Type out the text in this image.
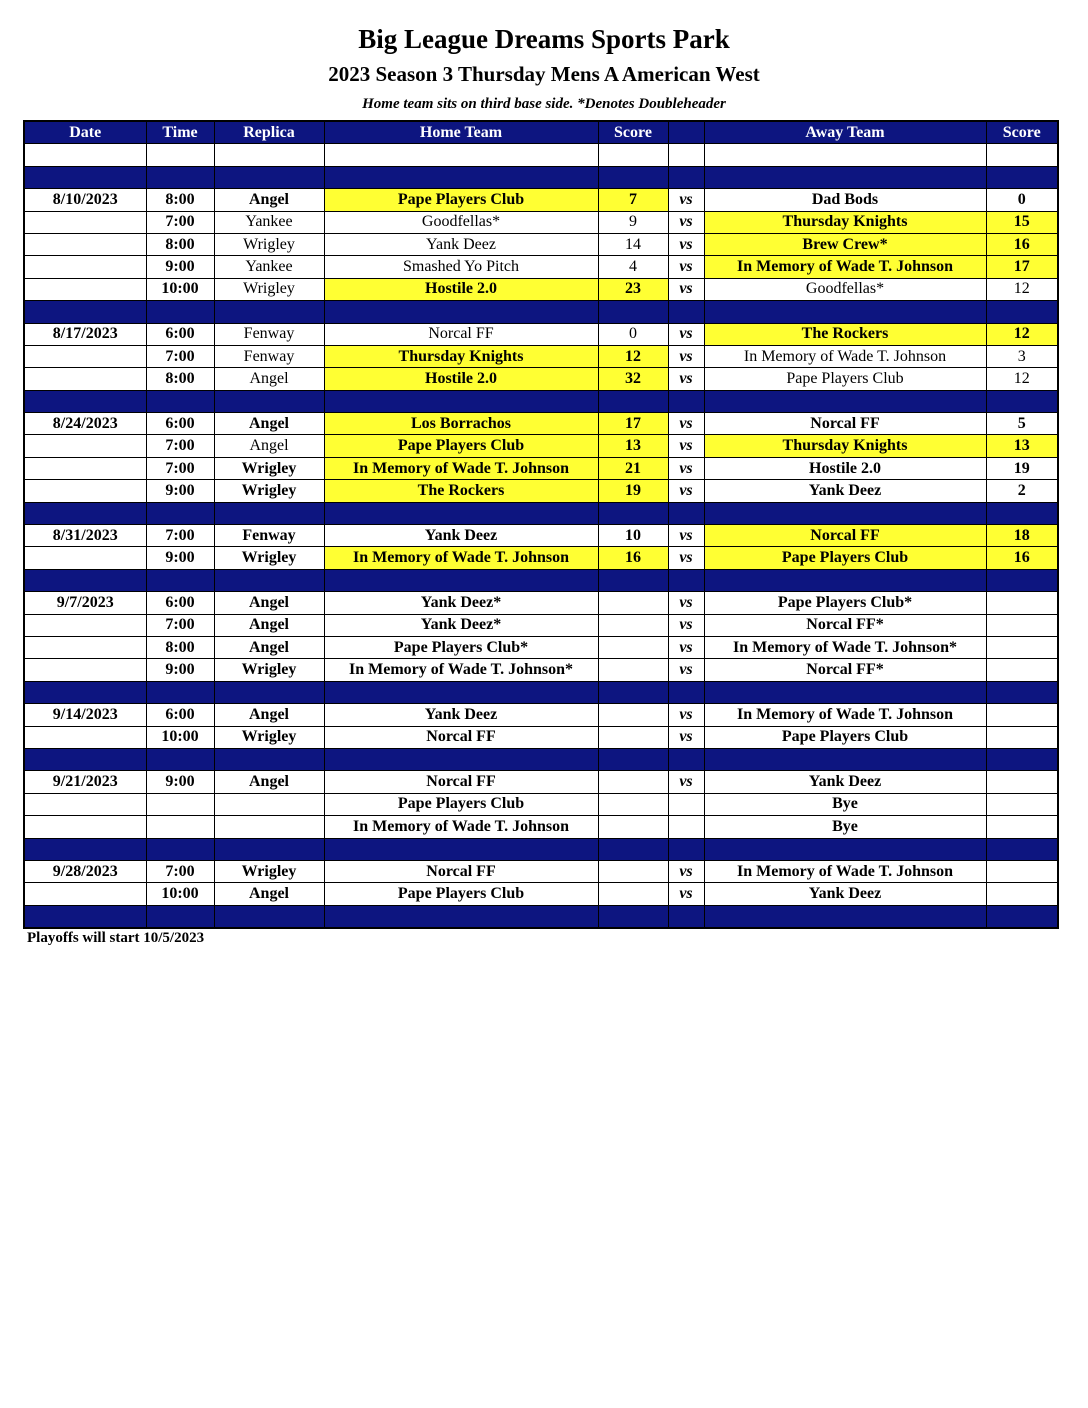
Big League Dreams Sports Park
2023 Season 3 Thursday Mens A American West
Home team sits on third base side. *Denotes Doubleheader
Date	Time	Replica	Home Team	Score		Away Team	Score

8/10/2023	8:00	Angel	Pape Players Club	7	vs	Dad Bods	0
	7:00	Yankee	Goodfellas*	9	vs	Thursday Knights	15
	8:00	Wrigley	Yank Deez	14	vs	Brew Crew*	16
	9:00	Yankee	Smashed Yo Pitch	4	vs	In Memory of Wade T. Johnson	17
	10:00	Wrigley	Hostile 2.0	23	vs	Goodfellas*	12

8/17/2023	6:00	Fenway	Norcal FF	0	vs	The Rockers	12
	7:00	Fenway	Thursday Knights	12	vs	In Memory of Wade T. Johnson	3
	8:00	Angel	Hostile 2.0	32	vs	Pape Players Club	12

8/24/2023	6:00	Angel	Los Borrachos	17	vs	Norcal FF	5
	7:00	Angel	Pape Players Club	13	vs	Thursday Knights	13
	7:00	Wrigley	In Memory of Wade T. Johnson	21	vs	Hostile 2.0	19
	9:00	Wrigley	The Rockers	19	vs	Yank Deez	2

8/31/2023	7:00	Fenway	Yank Deez	10	vs	Norcal FF	18
	9:00	Wrigley	In Memory of Wade T. Johnson	16	vs	Pape Players Club	16

9/7/2023	6:00	Angel	Yank Deez*		vs	Pape Players Club*	
	7:00	Angel	Yank Deez*		vs	Norcal FF*	
	8:00	Angel	Pape Players Club*		vs	In Memory of Wade T. Johnson*	
	9:00	Wrigley	In Memory of Wade T. Johnson*		vs	Norcal FF*	

9/14/2023	6:00	Angel	Yank Deez		vs	In Memory of Wade T. Johnson	
	10:00	Wrigley	Norcal FF		vs	Pape Players Club	

9/21/2023	9:00	Angel	Norcal FF		vs	Yank Deez	
			Pape Players Club			Bye	
			In Memory of Wade T. Johnson			Bye	

9/28/2023	7:00	Wrigley	Norcal FF		vs	In Memory of Wade T. Johnson	
	10:00	Angel	Pape Players Club		vs	Yank Deez	

Playoffs will start 10/5/2023
